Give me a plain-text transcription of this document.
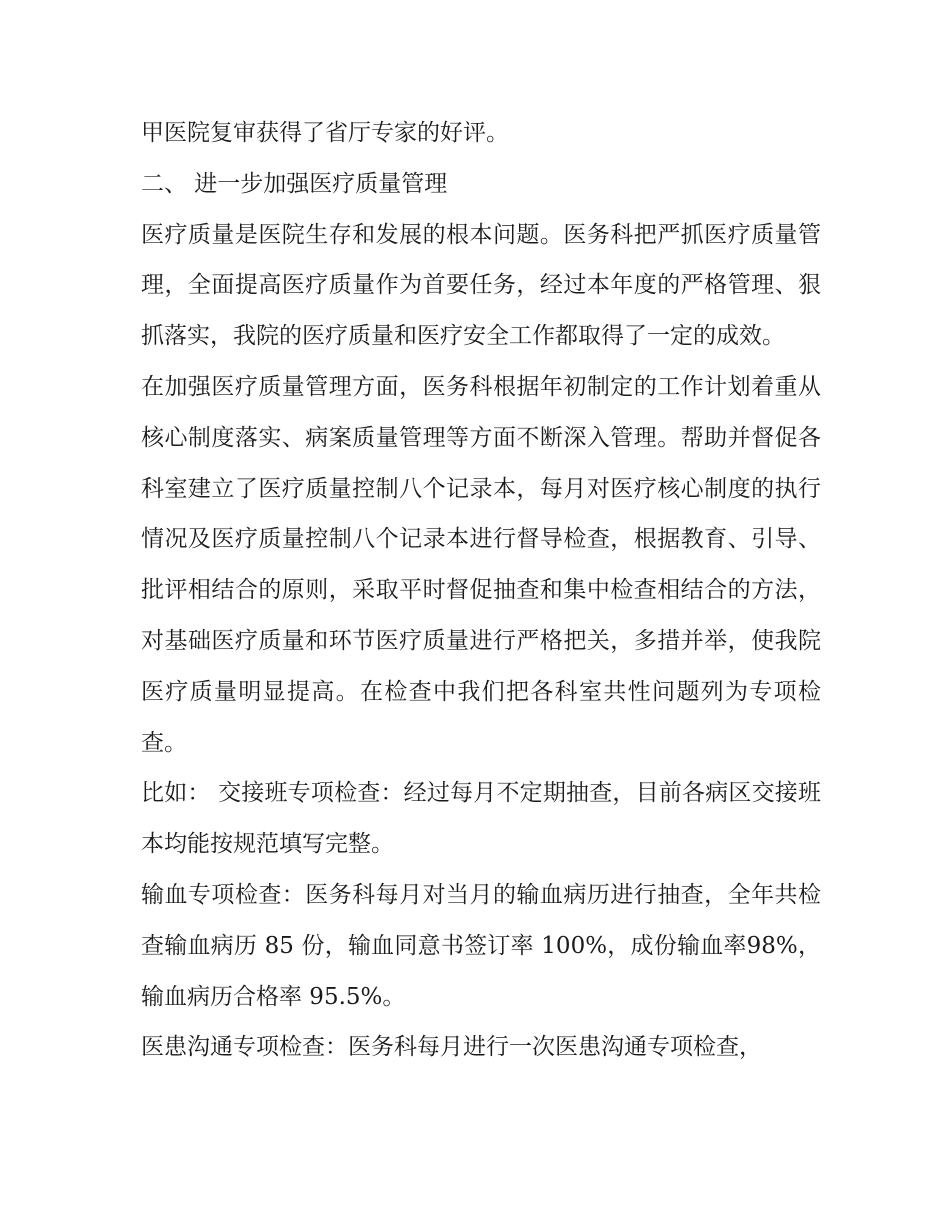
甲医院复审获得了省厅专家的好评。

二、 进一步加强医疗质量管理

医疗质量是医院生存和发展的根本问题。医务科把严抓医疗质量管理，全面提高医疗质量作为首要任务，经过本年度的严格管理、狠抓落实，我院的医疗质量和医疗安全工作都取得了一定的成效。

在加强医疗质量管理方面，医务科根据年初制定的工作计划着重从核心制度落实、病案质量管理等方面不断深入管理。帮助并督促各科室建立了医疗质量控制八个记录本，每月对医疗核心制度的执行情况及医疗质量控制八个记录本进行督导检查，根据教育、引导、批评相结合的原则，采取平时督促抽查和集中检查相结合的方法，对基础医疗质量和环节医疗质量进行严格把关，多措并举，使我院医疗质量明显提高。在检查中我们把各科室共性问题列为专项检查。

比如： 交接班专项检查：经过每月不定期抽查，目前各病区交接班本均能按规范填写完整。

输血专项检查：医务科每月对当月的输血病历进行抽查，全年共检查输血病历 85 份，输血同意书签订率 100%，成份输血率98%，输血病历合格率 95.5%。

医患沟通专项检查：医务科每月进行一次医患沟通专项检查，
